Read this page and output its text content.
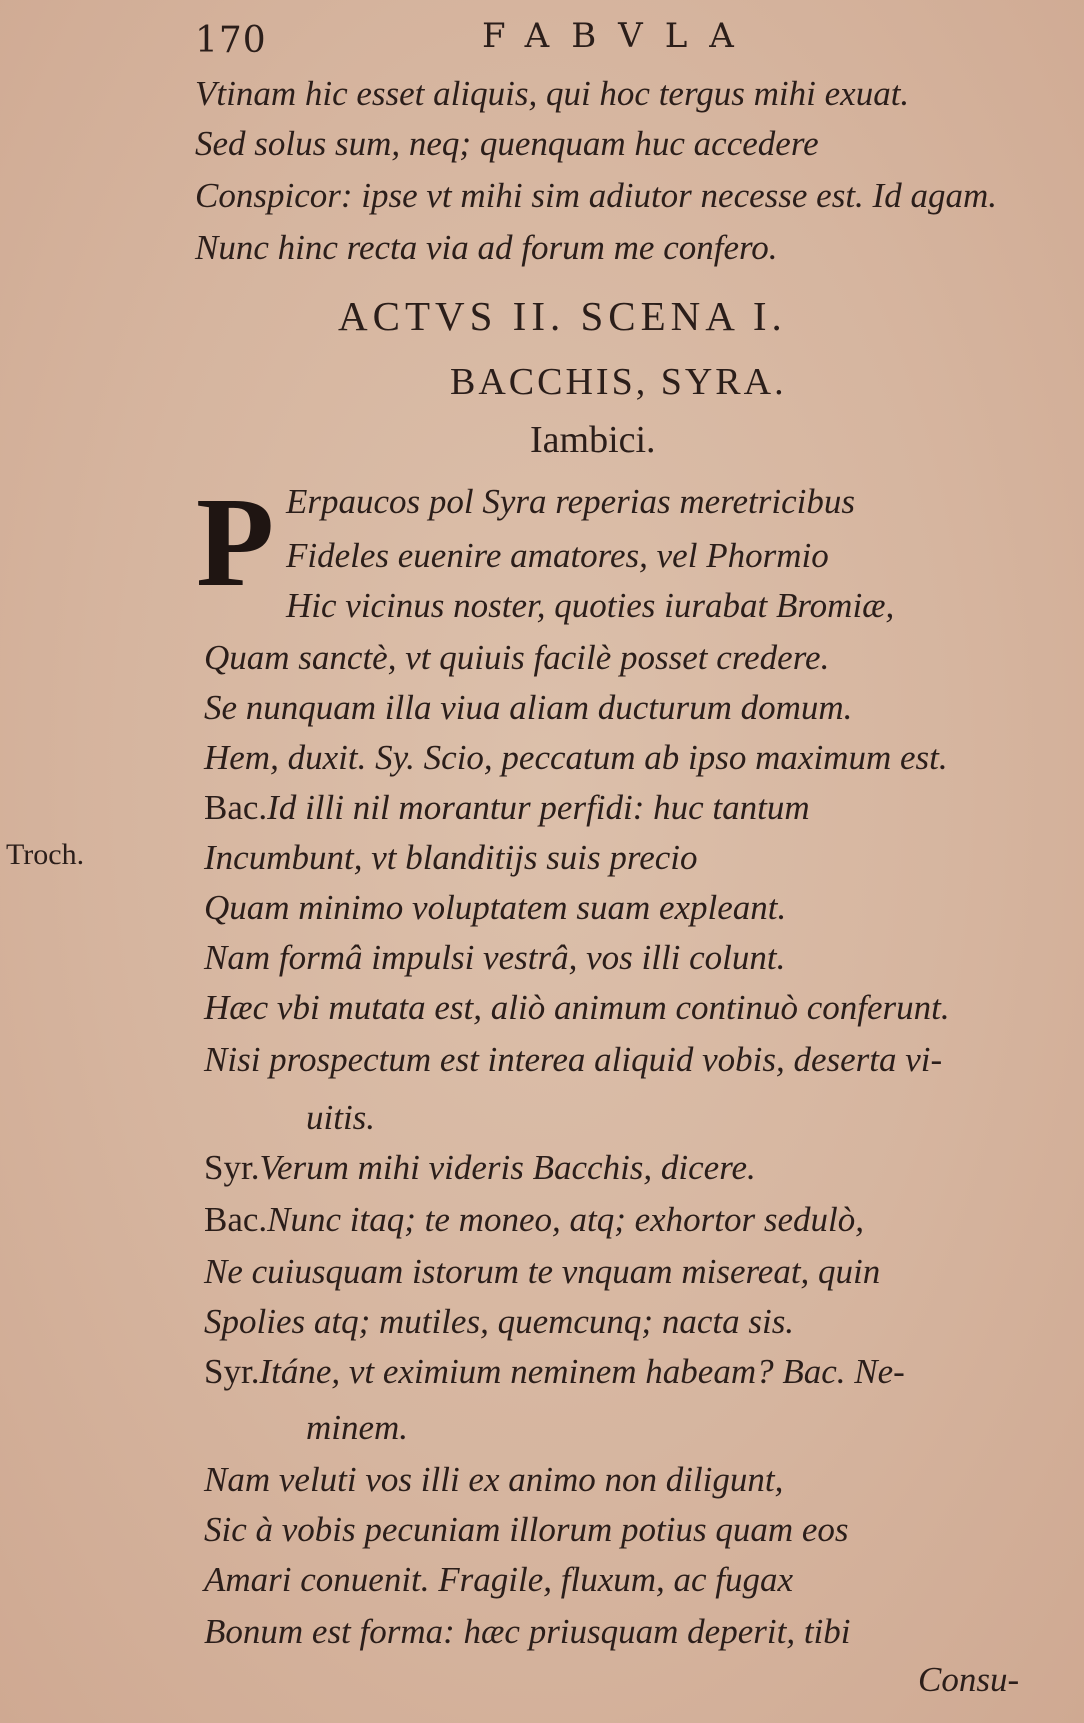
170	FABVLA
Vtinam hic esset aliquis, qui hoc tergus mihi exuat.
Sed solus sum, neq; quenquam huc accedere
Conspicor: ipse vt mihi sim adiutor necesse est. Id agam.
Nunc hinc recta via ad forum me confero.
ACTVS II. SCENA I.
BACCHIS, SYRA.
Iambici.
P Erpaucos pol Syra reperias meretricibus
Fideles euenire amatores, vel Phormio
Hic vicinus noster, quoties iurabat Bromiæ,
Quam sanctè, vt quiuis facilè posset credere.
Se nunquam illa viua aliam ducturum domum.
Hem, duxit. Sy. Scio, peccatum ab ipso maximum est.
Bac.Id illi nil morantur perfidi: huc tantum
Incumbunt, vt blanditijs suis precio
Quam minimo voluptatem suam expleant.
Nam formâ impulsi vestrâ, vos illi colunt.
Hæc vbi mutata est, aliò animum continuò conferunt.
Nisi prospectum est interea aliquid vobis, deserta vi-
uitis.
Syr.Verum mihi videris Bacchis, dicere.
Bac.Nunc itaq; te moneo, atq; exhortor sedulò,
Ne cuiusquam istorum te vnquam misereat, quin
Spolies atq; mutiles, quemcunq; nacta sis.
Syr.Itáne, vt eximium neminem habeam? Bac. Ne-
minem.
Nam veluti vos illi ex animo non diligunt,
Sic à vobis pecuniam illorum potius quam eos
Amari conuenit. Fragile, fluxum, ac fugax
Bonum est forma: hæc priusquam deperit, tibi
Troch.
Consu-
